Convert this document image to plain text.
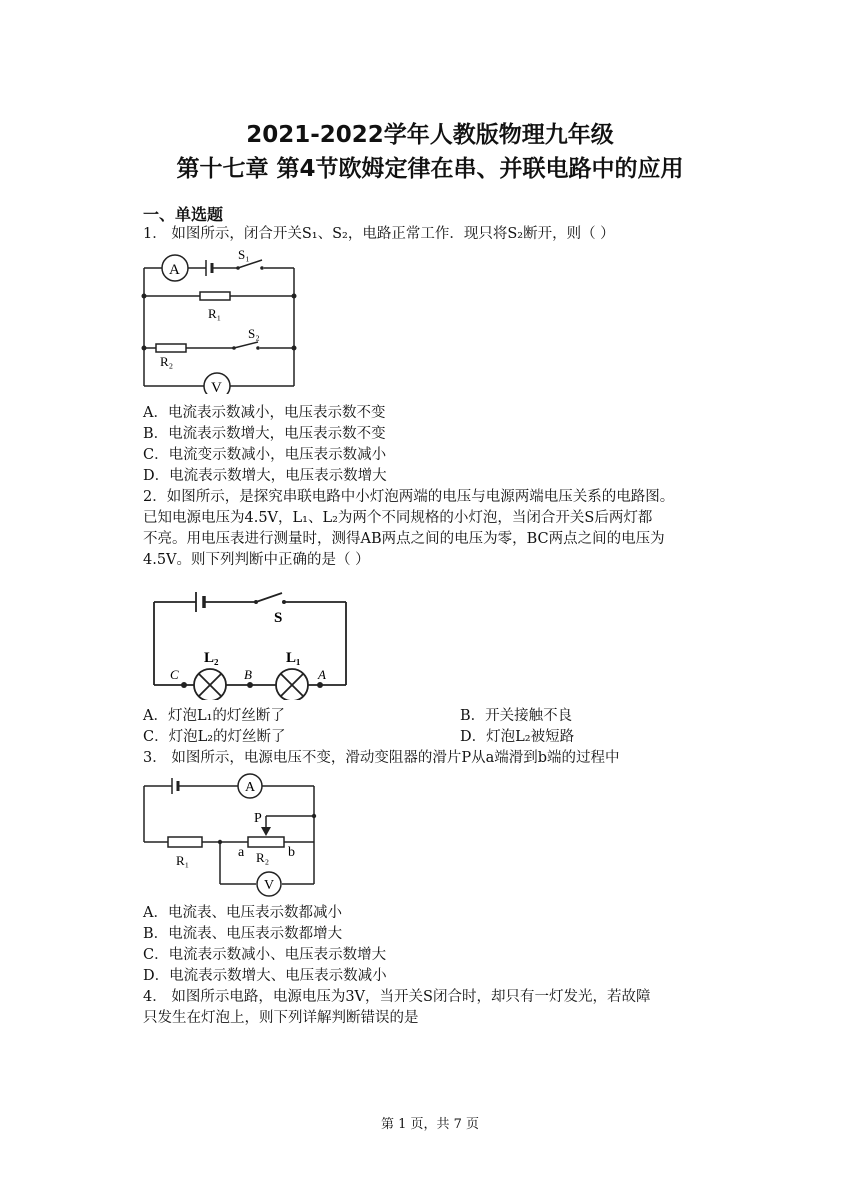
2021-2022学年人教版物理九年级
第十七章 第4节欧姆定律在串、并联电路中的应用
一、单选题
1． 如图所示，闭合开关S₁、S₂，电路正常工作．现只将S₂断开，则（ ）
A
V
S₁
R₁
S₂
R₂
A．电流表示数减小，电压表示数不变
B．电流表示数增大，电压表示数不变
C．电流变示数减小，电压表示数减小
D．电流表示数增大，电压表示数增大
2．如图所示，是探究串联电路中小灯泡两端的电压与电源两端电压关系的电路图。
已知电源电压为4.5V，L₁、L₂为两个不同规格的小灯泡，当闭合开关S后两灯都
不亮。用电压表进行测量时，测得AB两点之间的电压为零，BC两点之间的电压为
4.5V。则下列判断中正确的是（ ）
S
L₂	L₁
C	B	A
A．灯泡L₁的灯丝断了	B．开关接触不良
C．灯泡L₂的灯丝断了	D．灯泡L₂被短路
3． 如图所示，电源电压不变，滑动变阻器的滑片P从a端滑到b端的过程中
A
V
P
a	b
R₁	R₂
A．电流表、电压表示数都减小
B．电流表、电压表示数都增大
C．电流表示数减小、电压表示数增大
D．电流表示数增大、电压表示数减小
4． 如图所示电路，电源电压为3V，当开关S闭合时，却只有一灯发光，若故障
只发生在灯泡上，则下列详解判断错误的是
第 1 页，共 7 页
